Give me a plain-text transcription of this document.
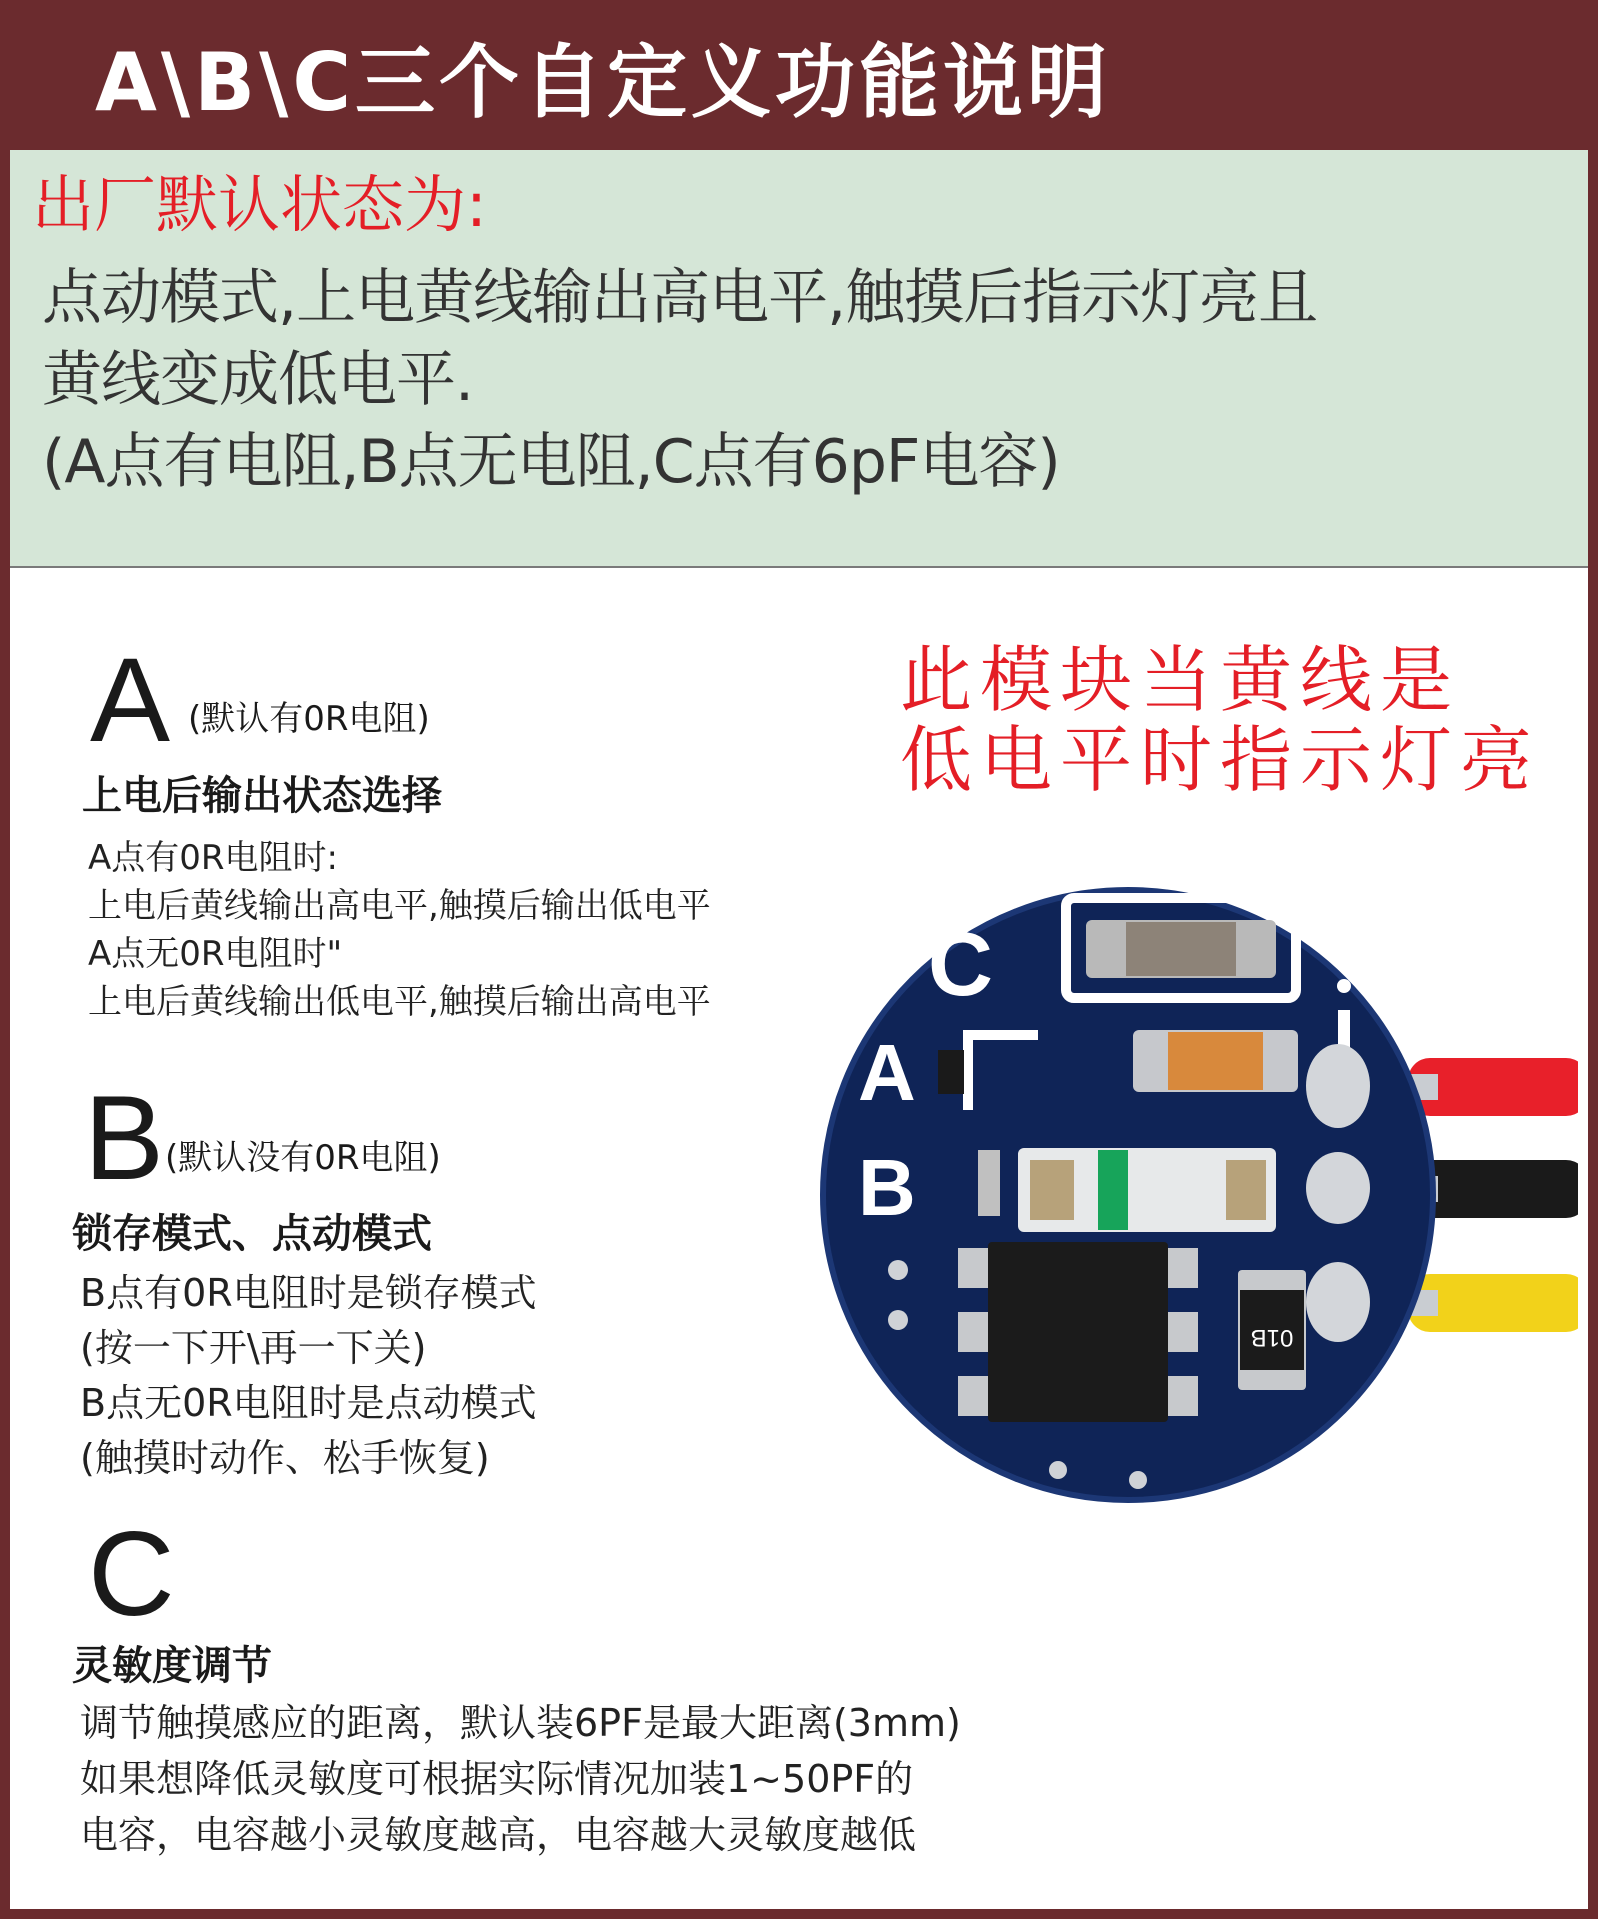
A\B\C三个自定义功能说明
出厂默认状态为:
点动模式,上电黄线输出高电平,触摸后指示灯亮且
黄线变成低电平.
(A点有电阻,B点无电阻,C点有6pF电容)
A (默认有0R电阻)
上电后输出状态选择
A点有0R电阻时:
上电后黄线输出高电平,触摸后输出低电平
A点无0R电阻时"
上电后黄线输出低电平,触摸后输出高电平
B (默认没有0R电阻)
锁存模式、点动模式
B点有0R电阻时是锁存模式
(按一下开\再一下关)
B点无0R电阻时是点动模式
(触摸时动作、松手恢复)
C
灵敏度调节
调节触摸感应的距离，默认装6PF是最大距离(3mm)
如果想降低灵敏度可根据实际情况加装1~50PF的
电容，电容越小灵敏度越高，电容越大灵敏度越低
此模块当黄线是
低电平时指示灯亮
C
A
B
01B
